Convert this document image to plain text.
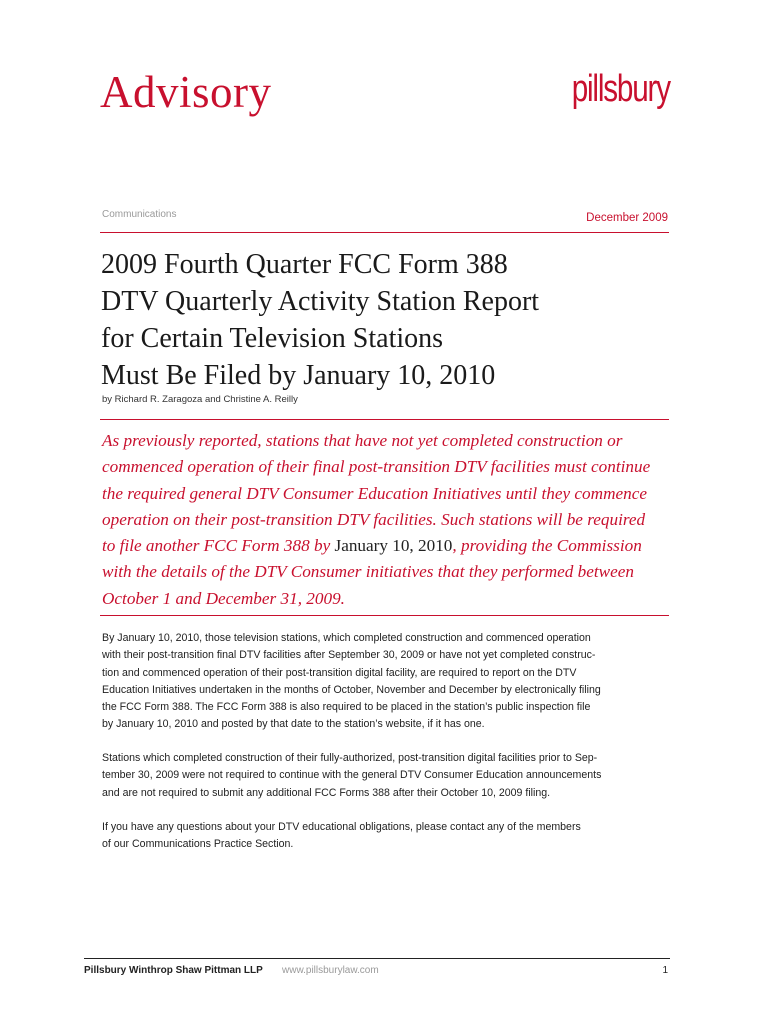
Advisory	pillsbury
Communications	December 2009
2009 Fourth Quarter FCC Form 388
DTV Quarterly Activity Station Report
for Certain Television Stations
Must Be Filed by January 10, 2010
by Richard R. Zaragoza and Christine A. Reilly
As previously reported, stations that have not yet completed construction or
commenced operation of their final post-transition DTV facilities must continue
the required general DTV Consumer Education Initiatives until they commence
operation on their post-transition DTV facilities. Such stations will be required
to file another FCC Form 388 by January 10, 2010, providing the Commission
with the details of the DTV Consumer initiatives that they performed between
October 1 and December 31, 2009.
By January 10, 2010, those television stations, which completed construction and commenced operation
with their post-transition final DTV facilities after September 30, 2009 or have not yet completed construc-
tion and commenced operation of their post-transition digital facility, are required to report on the DTV
Education Initiatives undertaken in the months of October, November and December by electronically filing
the FCC Form 388. The FCC Form 388 is also required to be placed in the station’s public inspection file
by January 10, 2010 and posted by that date to the station’s website, if it has one.
Stations which completed construction of their fully-authorized, post-transition digital facilities prior to Sep-
tember 30, 2009 were not required to continue with the general DTV Consumer Education announcements
and are not required to submit any additional FCC Forms 388 after their October 10, 2009 filing.
If you have any questions about your DTV educational obligations, please contact any of the members
of our Communications Practice Section.
Pillsbury Winthrop Shaw Pittman LLP www.pillsburylaw.com	1
